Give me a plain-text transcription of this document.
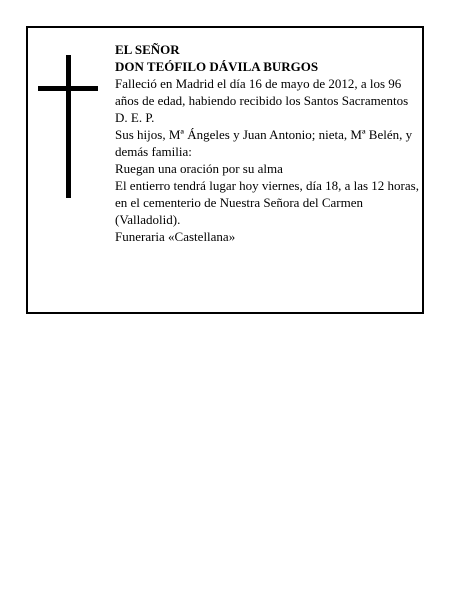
EL SEÑOR
DON TEÓFILO DÁVILA BURGOS
Falleció en Madrid el día 16 de mayo de 2012, a los 96 años de edad, habiendo recibido los Santos Sacramentos
D. E. P.
Sus hijos, Mª Ángeles y Juan Antonio; nieta, Mª Belén, y demás familia:
Ruegan una oración por su alma
El entierro tendrá lugar hoy viernes, día 18, a las 12 horas, en el cementerio de Nuestra Señora del Carmen (Valladolid).
Funeraria «Castellana»
